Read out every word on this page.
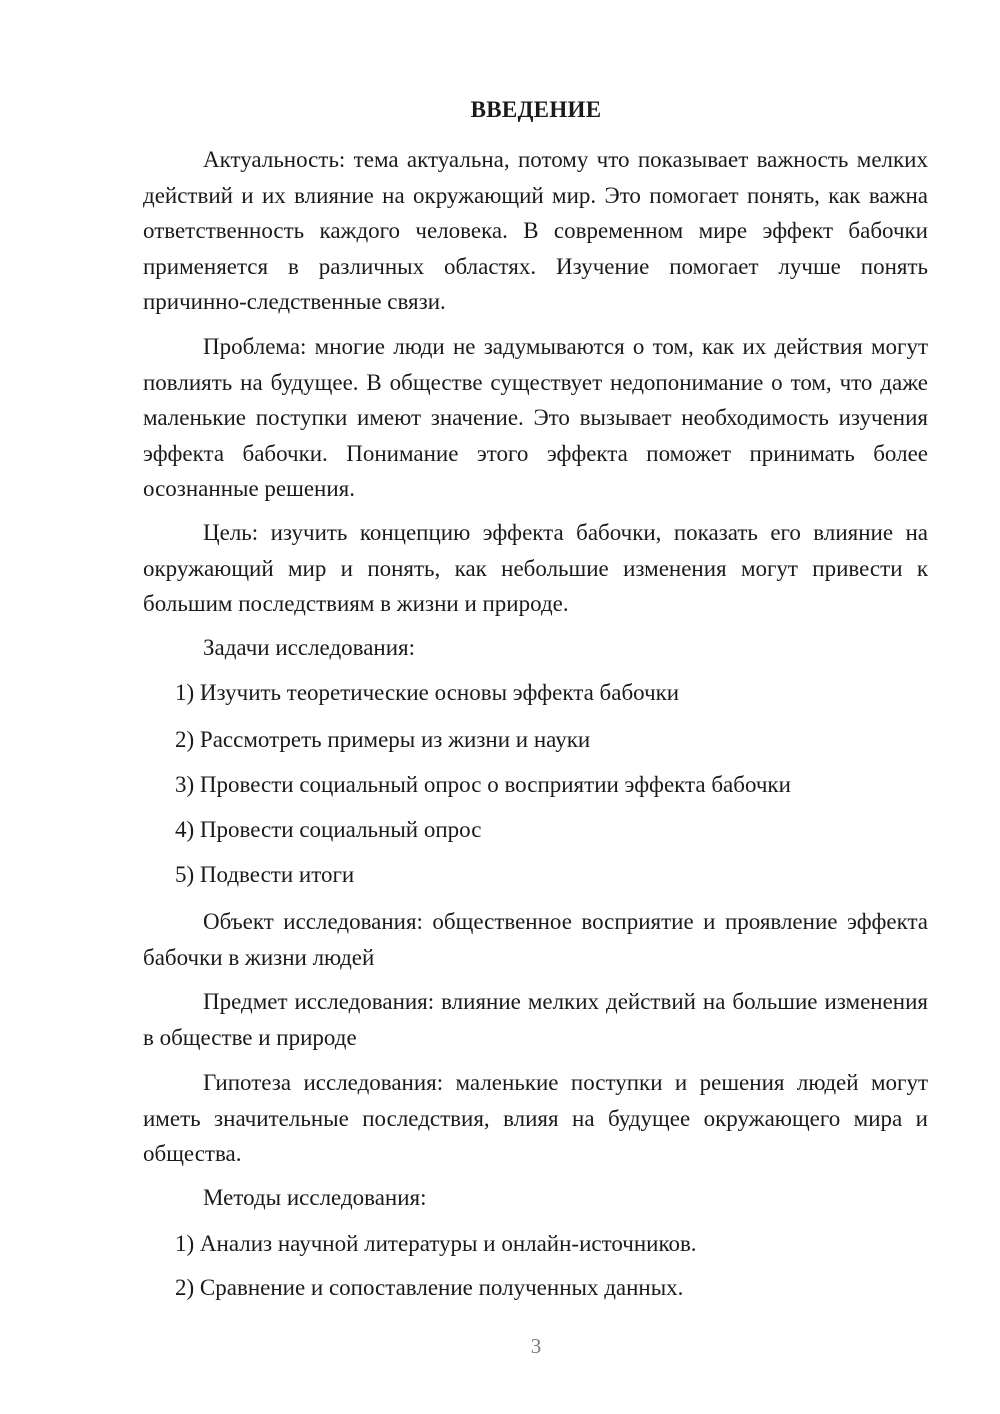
ВВЕДЕНИЕ

Актуальность: тема актуальна, потому что показывает важность мелких действий и их влияние на окружающий мир. Это помогает понять, как важна ответственность каждого человека. В современном мире эффект бабочки применяется в различных областях. Изучение помогает лучше понять причинно-следственные связи.

Проблема: многие люди не задумываются о том, как их действия могут повлиять на будущее. В обществе существует недопонимание о том, что даже маленькие поступки имеют значение. Это вызывает необходимость изучения эффекта бабочки. Понимание этого эффекта поможет принимать более осознанные решения.

Цель: изучить концепцию эффекта бабочки, показать его влияние на окружающий мир и понять, как небольшие изменения могут привести к большим последствиям в жизни и природе.

Задачи исследования:

1) Изучить теоретические основы эффекта бабочки

2) Рассмотреть примеры из жизни и науки

3) Провести социальный опрос о восприятии эффекта бабочки

4) Провести социальный опрос

5) Подвести итоги

Объект исследования: общественное восприятие и проявление эффекта бабочки в жизни людей

Предмет исследования: влияние мелких действий на большие изменения в обществе и природе

Гипотеза исследования: маленькие поступки и решения людей могут иметь значительные последствия, влияя на будущее окружающего мира и общества.

Методы исследования:

1) Анализ научной литературы и онлайн-источников.

2) Сравнение и сопоставление полученных данных.

3
